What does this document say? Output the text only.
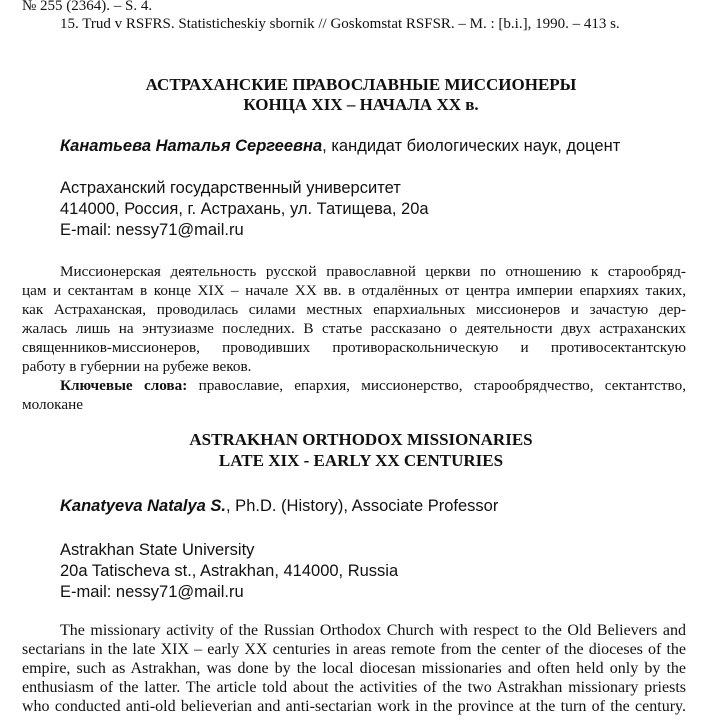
№ 255 (2364). – S. 4.
15. Trud v RSFRS. Statisticheskiy sbornik // Goskomstat RSFSR. – M. : [b.i.], 1990. – 413 s.
АСТРАХАНСКИЕ ПРАВОСЛАВНЫЕ МИССИОНЕРЫ
КОНЦА XIX – НАЧАЛА XX в.
Канатьева Наталья Сергеевна, кандидат биологических наук, доцент
Астраханский государственный университет
414000, Россия, г. Астрахань, ул. Татищева, 20а
E-mail: nessy71@mail.ru
Миссионерская деятельность русской православной церкви по отношению к старообряд-
цам и сектантам в конце XIX – начале XX вв. в отдалённых от центра империи епархиях таких,
как Астраханская, проводилась силами местных епархиальных миссионеров и зачастую дер-
жалась лишь на энтузиазме последних. В статье рассказано о деятельности двух астраханских
священников-миссионеров, проводивших противораскольническую и противосектантскую
работу в губернии на рубеже веков.
Ключевые слова: православие, епархия, миссионерство, старообрядчество, сектантство,
молокане
ASTRAKHAN ORTHODOX MISSIONARIES
LATE XIX - EARLY XX CENTURIES
Kanatyeva Natalya S., Ph.D. (History), Associate Professor
Astrakhan State University
20a Tatischeva st., Astrakhan, 414000, Russia
E-mail: nessy71@mail.ru
The missionary activity of the Russian Orthodox Church with respect to the Old Believers and
sectarians in the late XIX – early XX centuries in areas remote from the center of the dioceses of the
empire, such as Astrakhan, was done by the local diocesan missionaries and often held only by the
enthusiasm of the latter. The article told about the activities of the two Astrakhan missionary priests
who conducted anti-old believerian and anti-sectarian work in the province at the turn of the century.
